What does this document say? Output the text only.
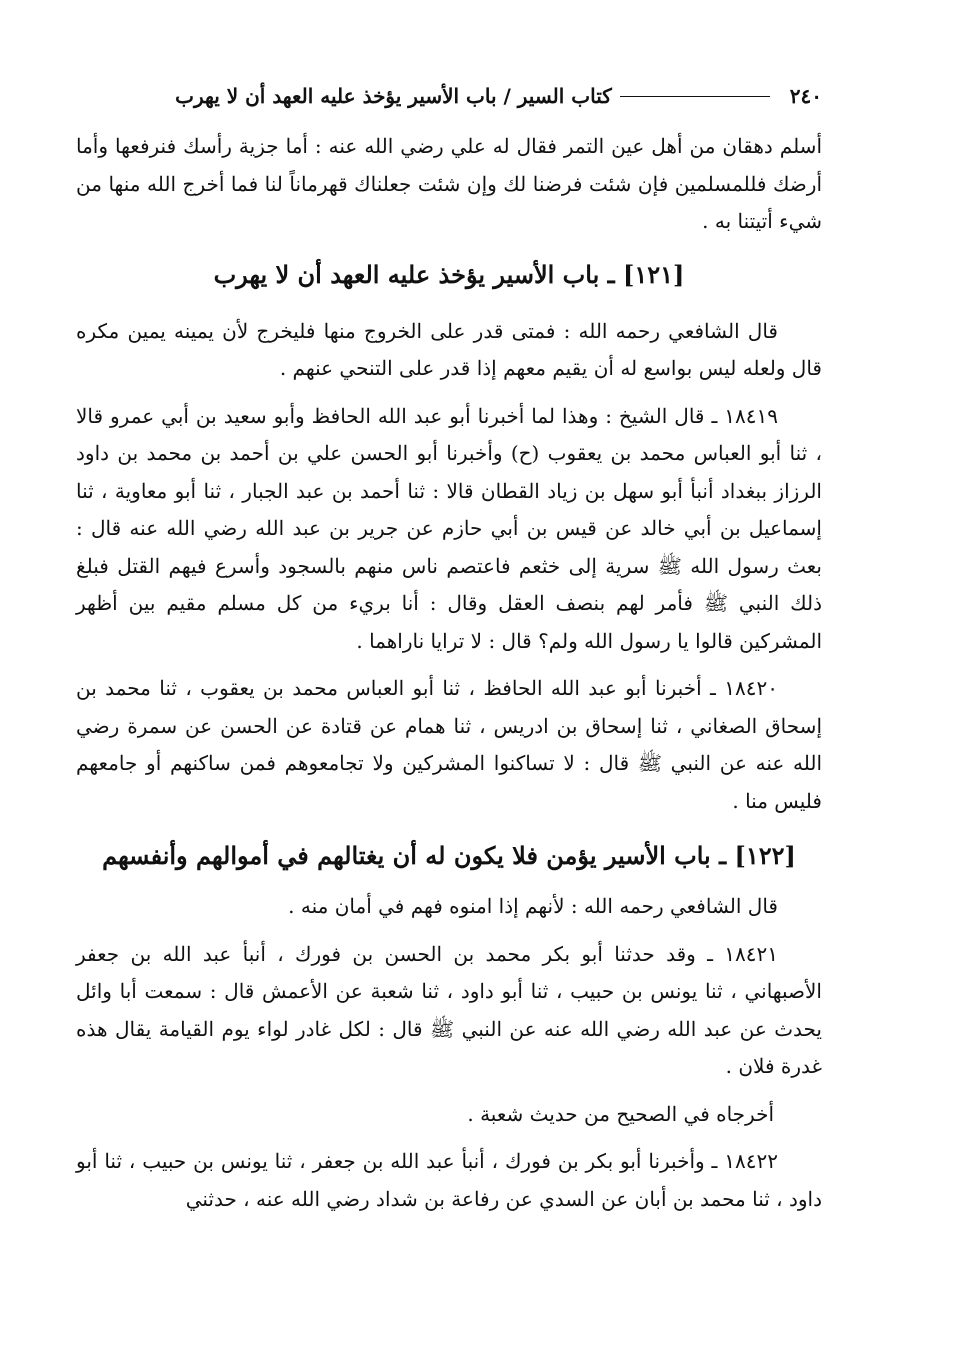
٢٤٠
كتاب السير / باب الأسير يؤخذ عليه العهد أن لا يهرب

أسلم دهقان من أهل عين التمر فقال له علي رضي الله عنه : أما جزية رأسك فنرفعها وأما أرضك فللمسلمين فإن شئت فرضنا لك وإن شئت جعلناك قهرماناً لنا فما أخرج الله منها من شيء أتيتنا به .

[١٢١] ـ باب الأسير يؤخذ عليه العهد أن لا يهرب

قال الشافعي رحمه الله : فمتى قدر على الخروج منها فليخرج لأن يمينه يمين مكره قال ولعله ليس بواسع له أن يقيم معهم إذا قدر على التنحي عنهم .

١٨٤١٩ ـ قال الشيخ : وهذا لما أخبرنا أبو عبد الله الحافظ وأبو سعيد بن أبي عمرو قالا ، ثنا أبو العباس محمد بن يعقوب (ح) وأخبرنا أبو الحسن علي بن أحمد بن محمد بن داود الرزاز ببغداد أنبأ أبو سهل بن زياد القطان قالا : ثنا أحمد بن عبد الجبار ، ثنا أبو معاوية ، ثنا إسماعيل بن أبي خالد عن قيس بن أبي حازم عن جرير بن عبد الله رضي الله عنه قال : بعث رسول الله ﷺ سرية إلى خثعم فاعتصم ناس منهم بالسجود وأسرع فيهم القتل فبلغ ذلك النبي ﷺ فأمر لهم بنصف العقل وقال : أنا بريء من كل مسلم مقيم بين أظهر المشركين قالوا يا رسول الله ولم؟ قال : لا ترايا ناراهما .

١٨٤٢٠ ـ أخبرنا أبو عبد الله الحافظ ، ثنا أبو العباس محمد بن يعقوب ، ثنا محمد بن إسحاق الصغاني ، ثنا إسحاق بن ادريس ، ثنا همام عن قتادة عن الحسن عن سمرة رضي الله عنه عن النبي ﷺ قال : لا تساكنوا المشركين ولا تجامعوهم فمن ساكنهم أو جامعهم فليس منا .

[١٢٢] ـ باب الأسير يؤمن فلا يكون له أن يغتالهم في أموالهم وأنفسهم

قال الشافعي رحمه الله : لأنهم إذا امنوه فهم في أمان منه .

١٨٤٢١ ـ وقد حدثنا أبو بكر محمد بن الحسن بن فورك ، أنبأ عبد الله بن جعفر الأصبهاني ، ثنا يونس بن حبيب ، ثنا أبو داود ، ثنا شعبة عن الأعمش قال : سمعت أبا وائل يحدث عن عبد الله رضي الله عنه عن النبي ﷺ قال : لكل غادر لواء يوم القيامة يقال هذه غدرة فلان .

أخرجاه في الصحيح من حديث شعبة .

١٨٤٢٢ ـ وأخبرنا أبو بكر بن فورك ، أنبأ عبد الله بن جعفر ، ثنا يونس بن حبيب ، ثنا أبو داود ، ثنا محمد بن أبان عن السدي عن رفاعة بن شداد رضي الله عنه ، حدثني
